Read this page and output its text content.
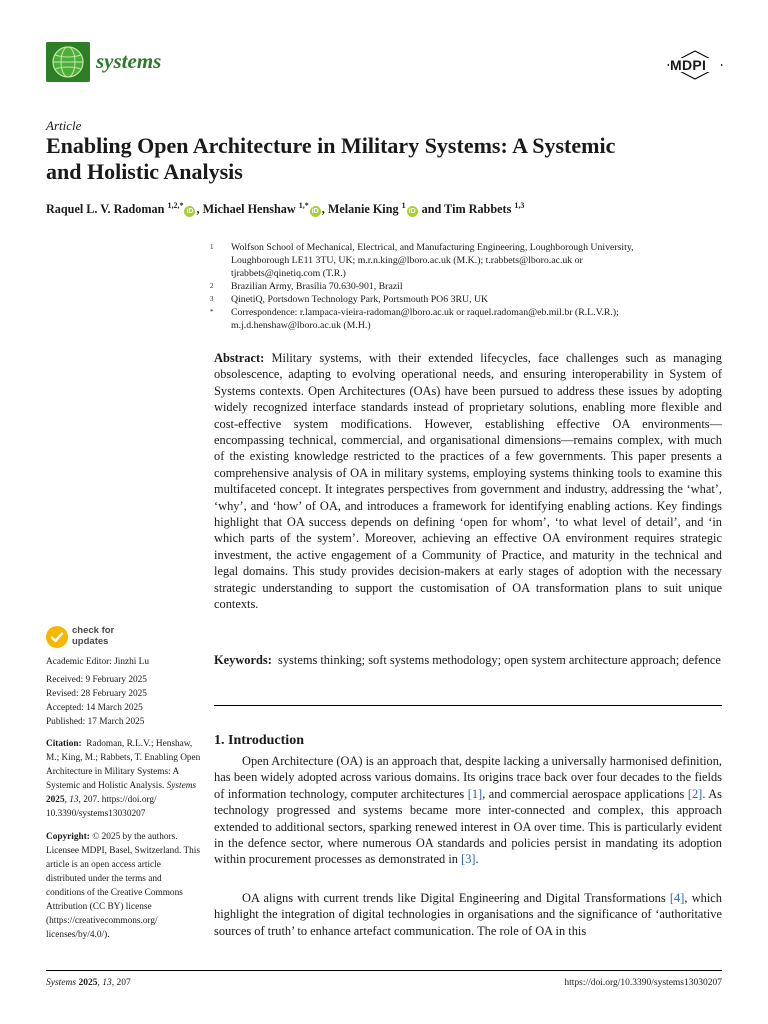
systems	MDPI
Article
Enabling Open Architecture in Military Systems: A Systemic
and Holistic Analysis
Raquel L. V. Radoman $^{1,2,*}$iD , Michael Henshaw $^{1,*}$iD , Melanie King $^1$iD and Tim Rabbets $^{1,3}$
1 Wolfson School of Mechanical, Electrical, and Manufacturing Engineering, Loughborough University,
Loughborough LE11 3TU, UK; m.r.n.king@lboro.ac.uk (M.K.); t.rabbets@lboro.ac.uk or
tjrabbets@qinetiq.com (T.R.)
2 Brazilian Army, Brasília 70.630-901, Brazil
3 QinetiQ, Portsdown Technology Park, Portsmouth PO6 3RU, UK
* Correspondence: r.lampaca-vieira-radoman@lboro.ac.uk or raquel.radoman@eb.mil.br (R.L.V.R.);
m.j.d.henshaw@lboro.ac.uk (M.H.)
Abstract: Military systems, with their extended lifecycles, face challenges such as managing obsolescence, adapting to evolving operational needs, and ensuring interoperability in System of Systems contexts. Open Architectures (OAs) have been pursued to address these issues by adopting widely recognized interface standards instead of proprietary solutions, enabling more flexible and cost-effective system modifications. However, establishing effective OA environments—encompassing technical, commercial, and organisational dimensions—remains complex, with much of the existing knowledge restricted to the practices of a few governments. This paper presents a comprehensive analysis of OA in military systems, employing systems thinking tools to examine this multifaceted concept. It integrates perspectives from government and industry, addressing the ‘what’, ‘why’, and ‘how’ of OA, and introduces a framework for identifying enabling actions. Key findings highlight that OA success depends on defining ‘open for whom’, ‘to what level of detail’, and ‘in which parts of the system’. Moreover, achieving an effective OA environment requires strategic investment, the active engagement of a Community of Practice, and maturity in the technical and legal domains. This study provides decision-makers at early stages of adoption with the necessary strategic understanding to support the customisation of OA transformation plans to suit unique contexts.
Keywords: systems thinking; soft systems methodology; open system architecture approach; defence
check for
updates
Academic Editor: Jinzhi Lu
Received: 9 February 2025
Revised: 28 February 2025
Accepted: 14 March 2025
Published: 17 March 2025
Citation: Radoman, R.L.V.; Henshaw, M.; King, M.; Rabbets, T. Enabling Open Architecture in Military Systems: A Systemic and Holistic Analysis. Systems 2025, 13, 207. https://doi.org/ 10.3390/systems13030207
Copyright: © 2025 by the authors. Licensee MDPI, Basel, Switzerland. This article is an open access article distributed under the terms and conditions of the Creative Commons Attribution (CC BY) license (https://creativecommons.org/ licenses/by/4.0/).
1. Introduction
Open Architecture (OA) is an approach that, despite lacking a universally harmonised definition, has been widely adopted across various domains. Its origins trace back over four decades to the fields of information technology, computer architectures [1], and commercial aerospace applications [2]. As technology progressed and systems became more inter-connected and complex, this approach extended to additional sectors, sparking renewed interest in OA over time. This is particularly evident in the defence sector, where numerous OA standards and policies persist in mandating its adoption within procurement processes as demonstrated in [3].
OA aligns with current trends like Digital Engineering and Digital Transformations [4], which highlight the integration of digital technologies in organisations and the significance of ‘authoritative sources of truth’ to enhance artefact communication. The role of OA in this
Systems 2025, 13, 207	https://doi.org/10.3390/systems13030207
